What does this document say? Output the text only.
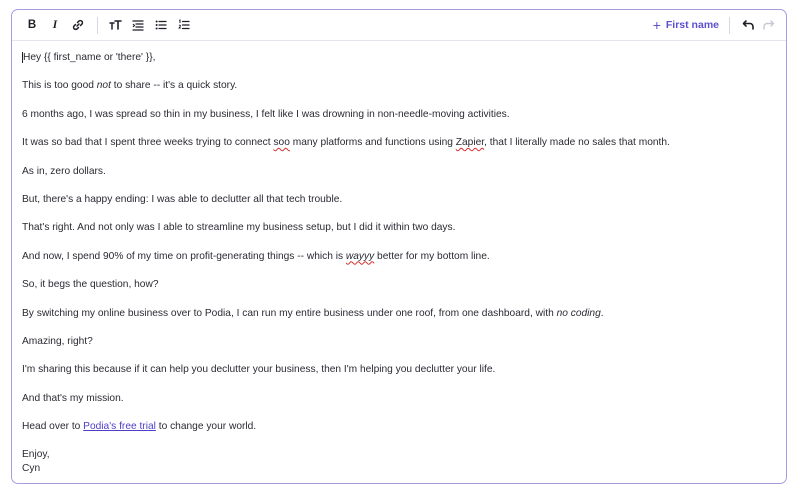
B I	+ First name

Hey {{ first_name or 'there' }},

This is too good not to share -- it's a quick story.

6 months ago, I was spread so thin in my business, I felt like I was drowning in non-needle-moving activities.

It was so bad that I spent three weeks trying to connect soo many platforms and functions using Zapier, that I literally made no sales that month.

As in, zero dollars.

But, there's a happy ending: I was able to declutter all that tech trouble.

That's right. And not only was I able to streamline my business setup, but I did it within two days.

And now, I spend 90% of my time on profit-generating things -- which is wayyy better for my bottom line.

So, it begs the question, how?

By switching my online business over to Podia, I can run my entire business under one roof, from one dashboard, with no coding.

Amazing, right?

I'm sharing this because if it can help you declutter your business, then I'm helping you declutter your life.

And that's my mission.

Head over to Podia's free trial to change your world.

Enjoy,

Cyn
